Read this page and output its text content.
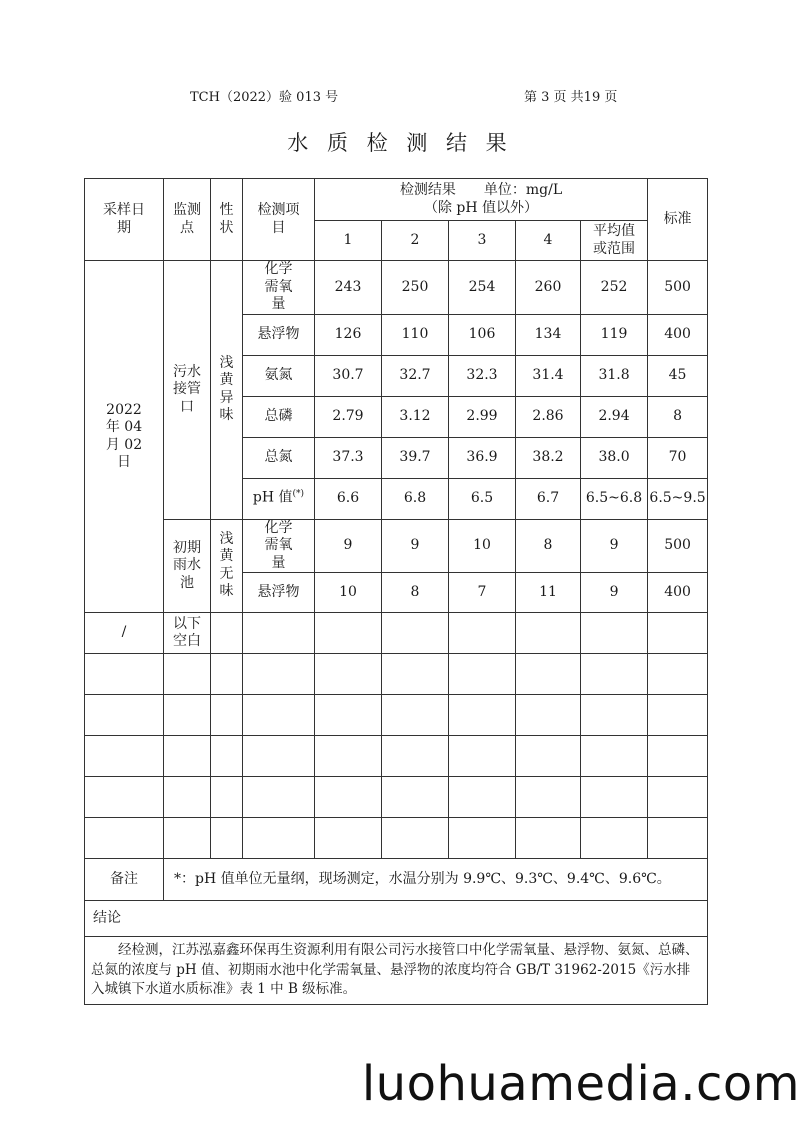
TCH（2022）验 013 号	第 3 页 共19 页
水 质 检 测 结 果
采样日期	监测点	性状	检测项目	检测结果　　单位：mg/L
（除 pH 值以外）					标准
				1	2	3	4	平均值或范围	
2022 年 04 月 02 日	污水接管口	浅黄异味	化学需氧量	243	250	254	260	252	500
			悬浮物	126	110	106	134	119	400
			氨氮	30.7	32.7	32.3	31.4	31.8	45
			总磷	2.79	3.12	2.99	2.86	2.94	8
			总氮	37.3	39.7	36.9	38.2	38.0	70
			pH 值(*)	6.6	6.8	6.5	6.7	6.5~6.8	6.5~9.5
	初期雨水池	浅黄无味	化学需氧量	9	9	10	8	9	500
			悬浮物	10	8	7	11	9	400
/	以下空白								

备注	*：pH 值单位无量纲，现场测定，水温分别为 9.9℃、9.3℃、9.4℃、9.6℃。								
结论									
经检测，江苏泓嘉鑫环保再生资源利用有限公司污水接管口中化学需氧量、悬浮物、氨氮、总磷、总氮的浓度与 pH 值、初期雨水池中化学需氧量、悬浮物的浓度均符合 GB/T 31962-2015《污水排入城镇下水道水质标准》表 1 中 B 级标准。									
luohuamedia.com
